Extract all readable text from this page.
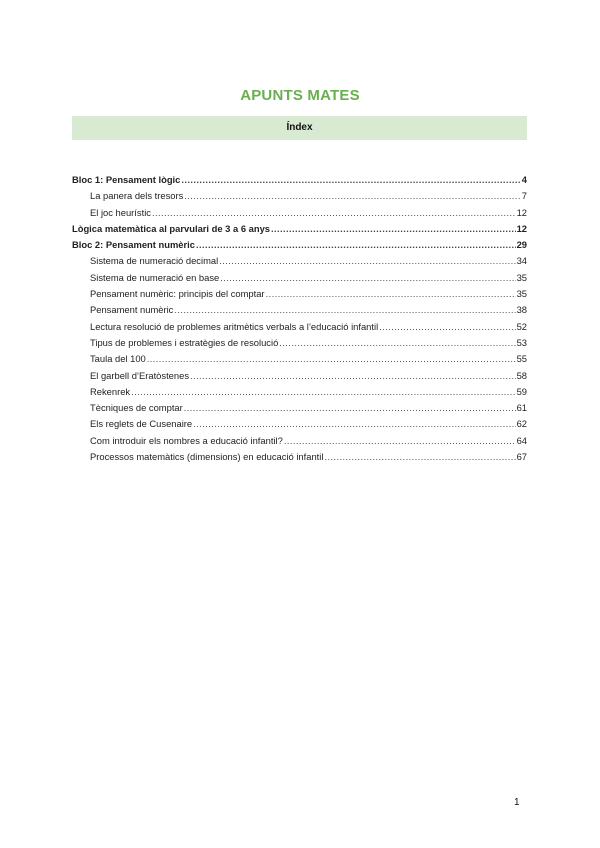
APUNTS MATES
Índex
Bloc 1: Pensament lògic .....	4
La panera dels tresors .....	7
El joc heurístic .....	12
Lògica matemàtica al parvulari de 3 a 6 anys .....	12
Bloc 2: Pensament numèric .....	29
Sistema de numeració decimal .....	34
Sistema de numeració en base .....	35
Pensament numèric: principis del comptar .....	35
Pensament numèric .....	38
Lectura resolució de problemes aritmètics verbals a l’educació infantil .....	52
Tipus de problemes i estratègies de resolució .....	53
Taula del 100 .....	55
El garbell d’Eratòstenes .....	58
Rekenrek .....	59
Tècniques de comptar .....	61
Els reglets de Cusenaire .....	62
Com introduir els nombres a educació infantil? .....	64
Processos matemàtics (dimensions) en educació infantil .....	67
1
